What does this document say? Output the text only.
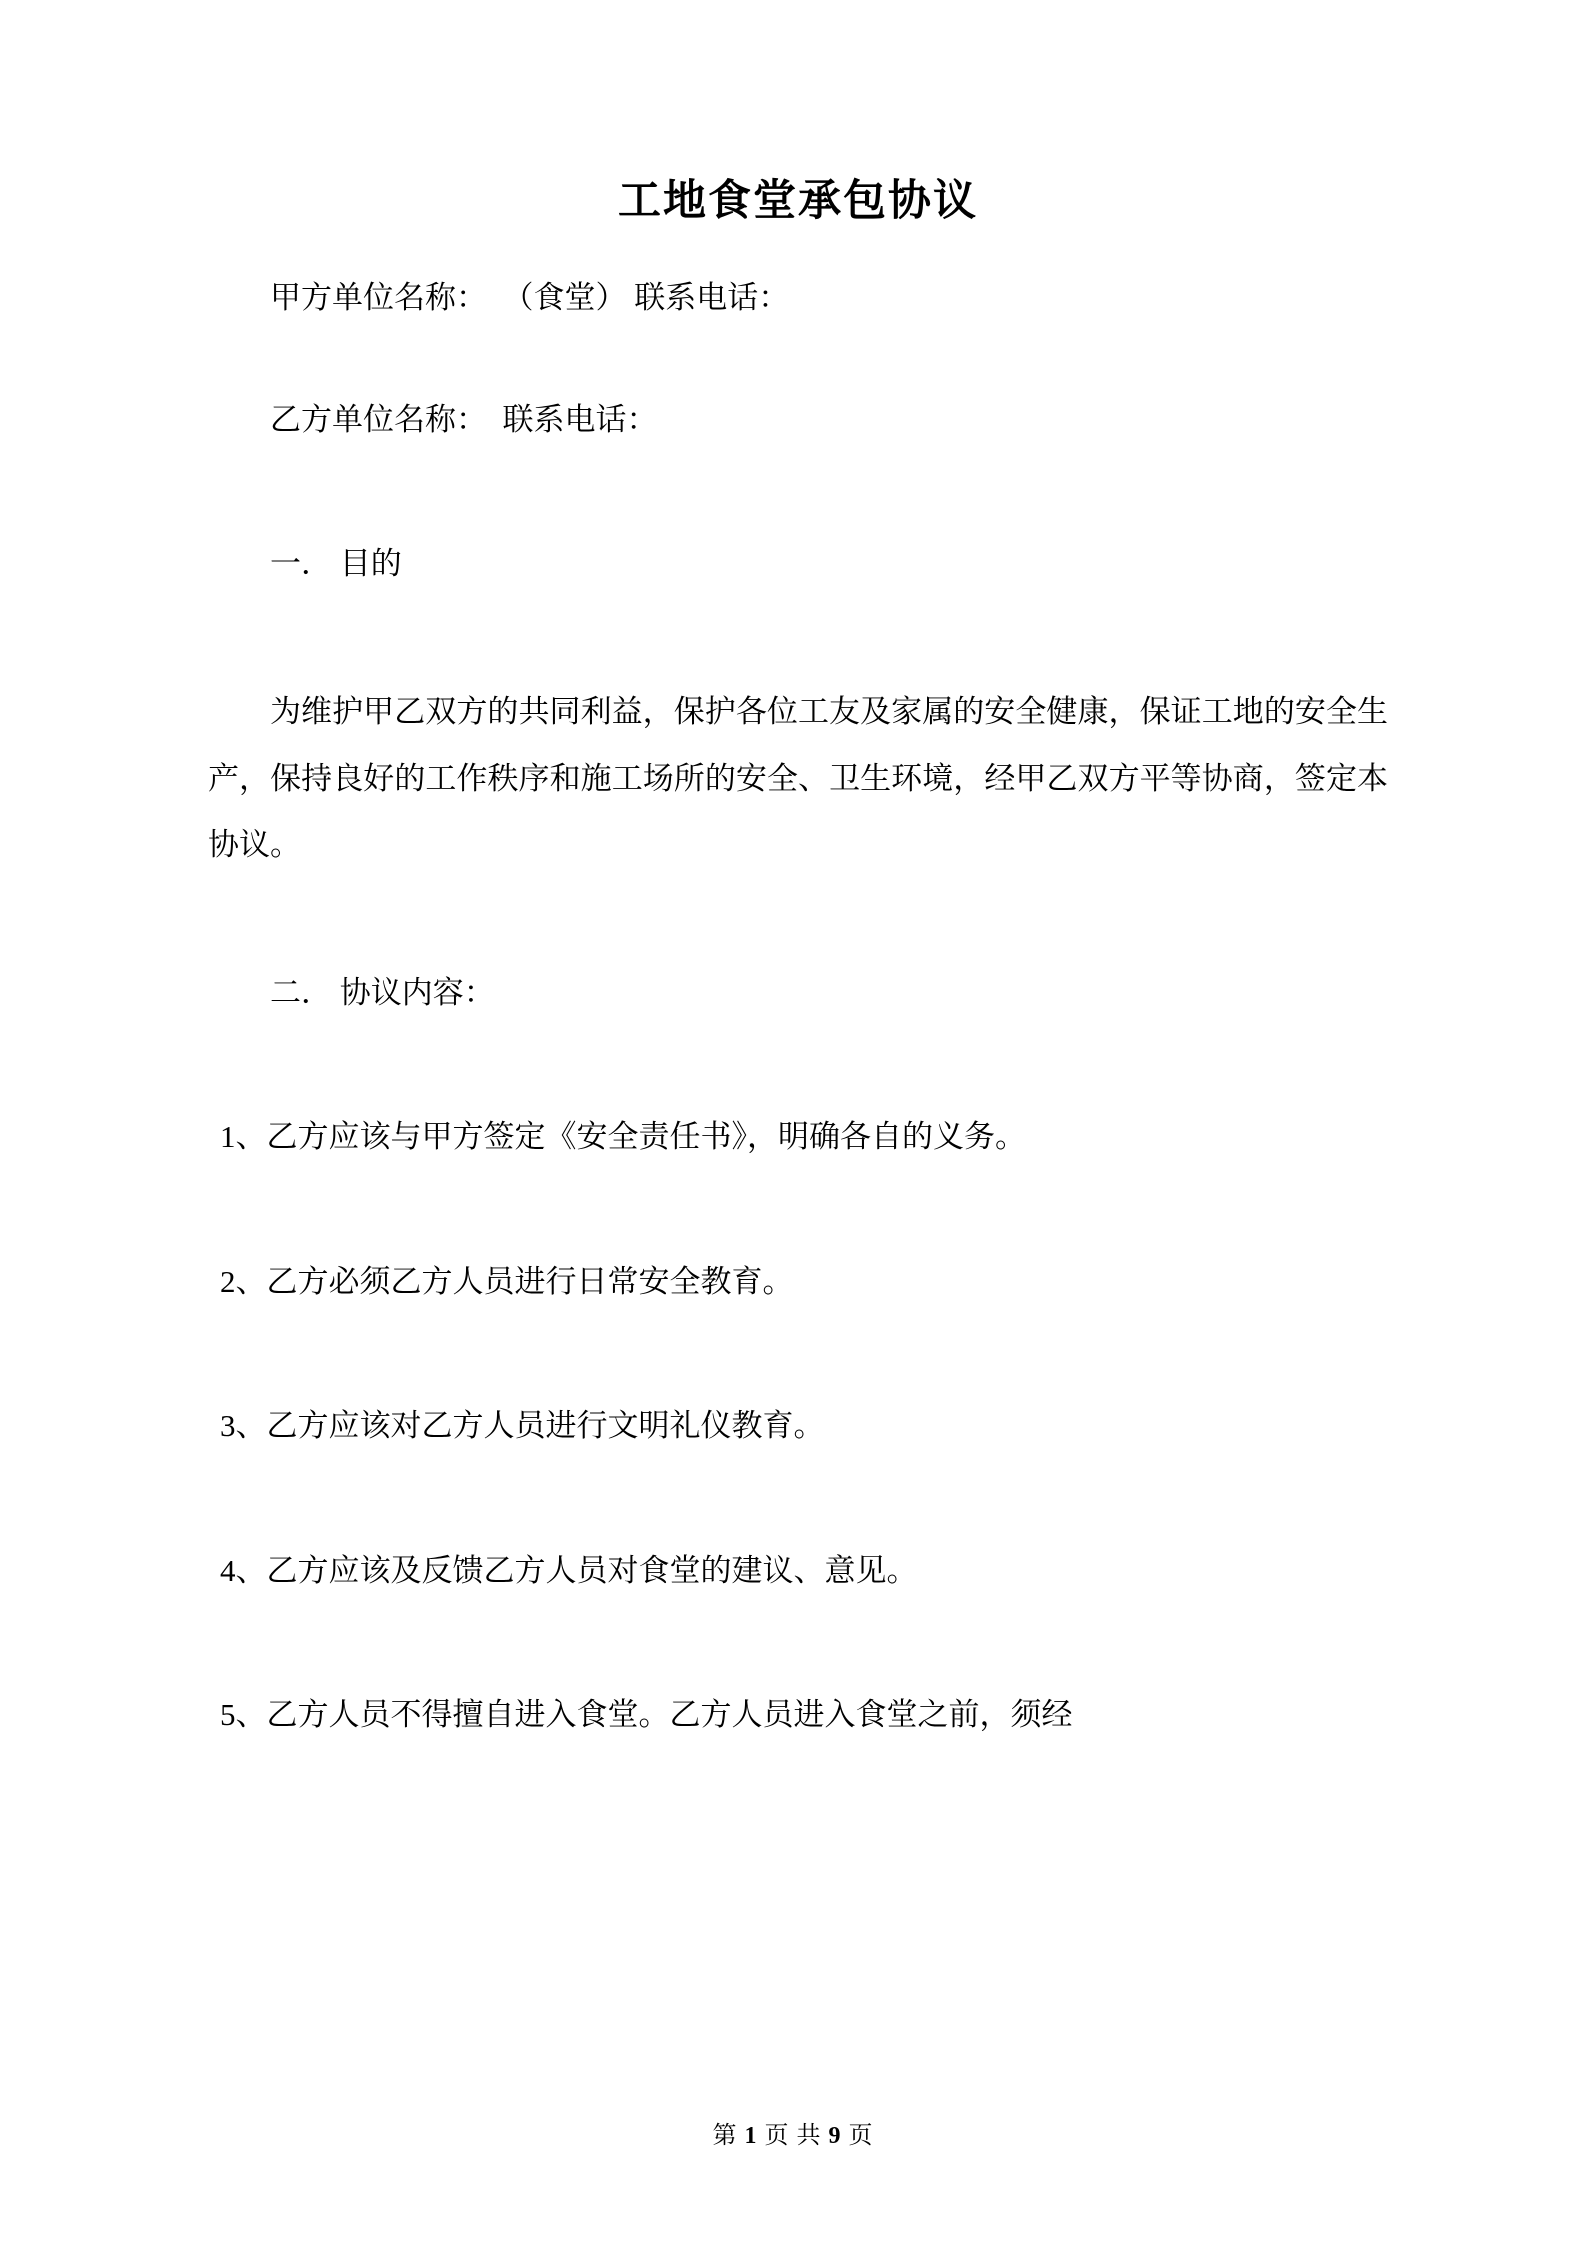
工地食堂承包协议

甲方单位名称：  （食堂） 联系电话：

乙方单位名称：  联系电话：

一． 目的

为维护甲乙双方的共同利益，保护各位工友及家属的安全健康，保证工地的安全生产，保持良好的工作秩序和施工场所的安全、卫生环境，经甲乙双方平等协商，签定本协议。

二． 协议内容：

1、乙方应该与甲方签定《安全责任书》，明确各自的义务。

2、乙方必须乙方人员进行日常安全教育。

3、乙方应该对乙方人员进行文明礼仪教育。

4、乙方应该及反馈乙方人员对食堂的建议、意见。

5、乙方人员不得擅自进入食堂。乙方人员进入食堂之前，须经

第 1 页 共 9 页
